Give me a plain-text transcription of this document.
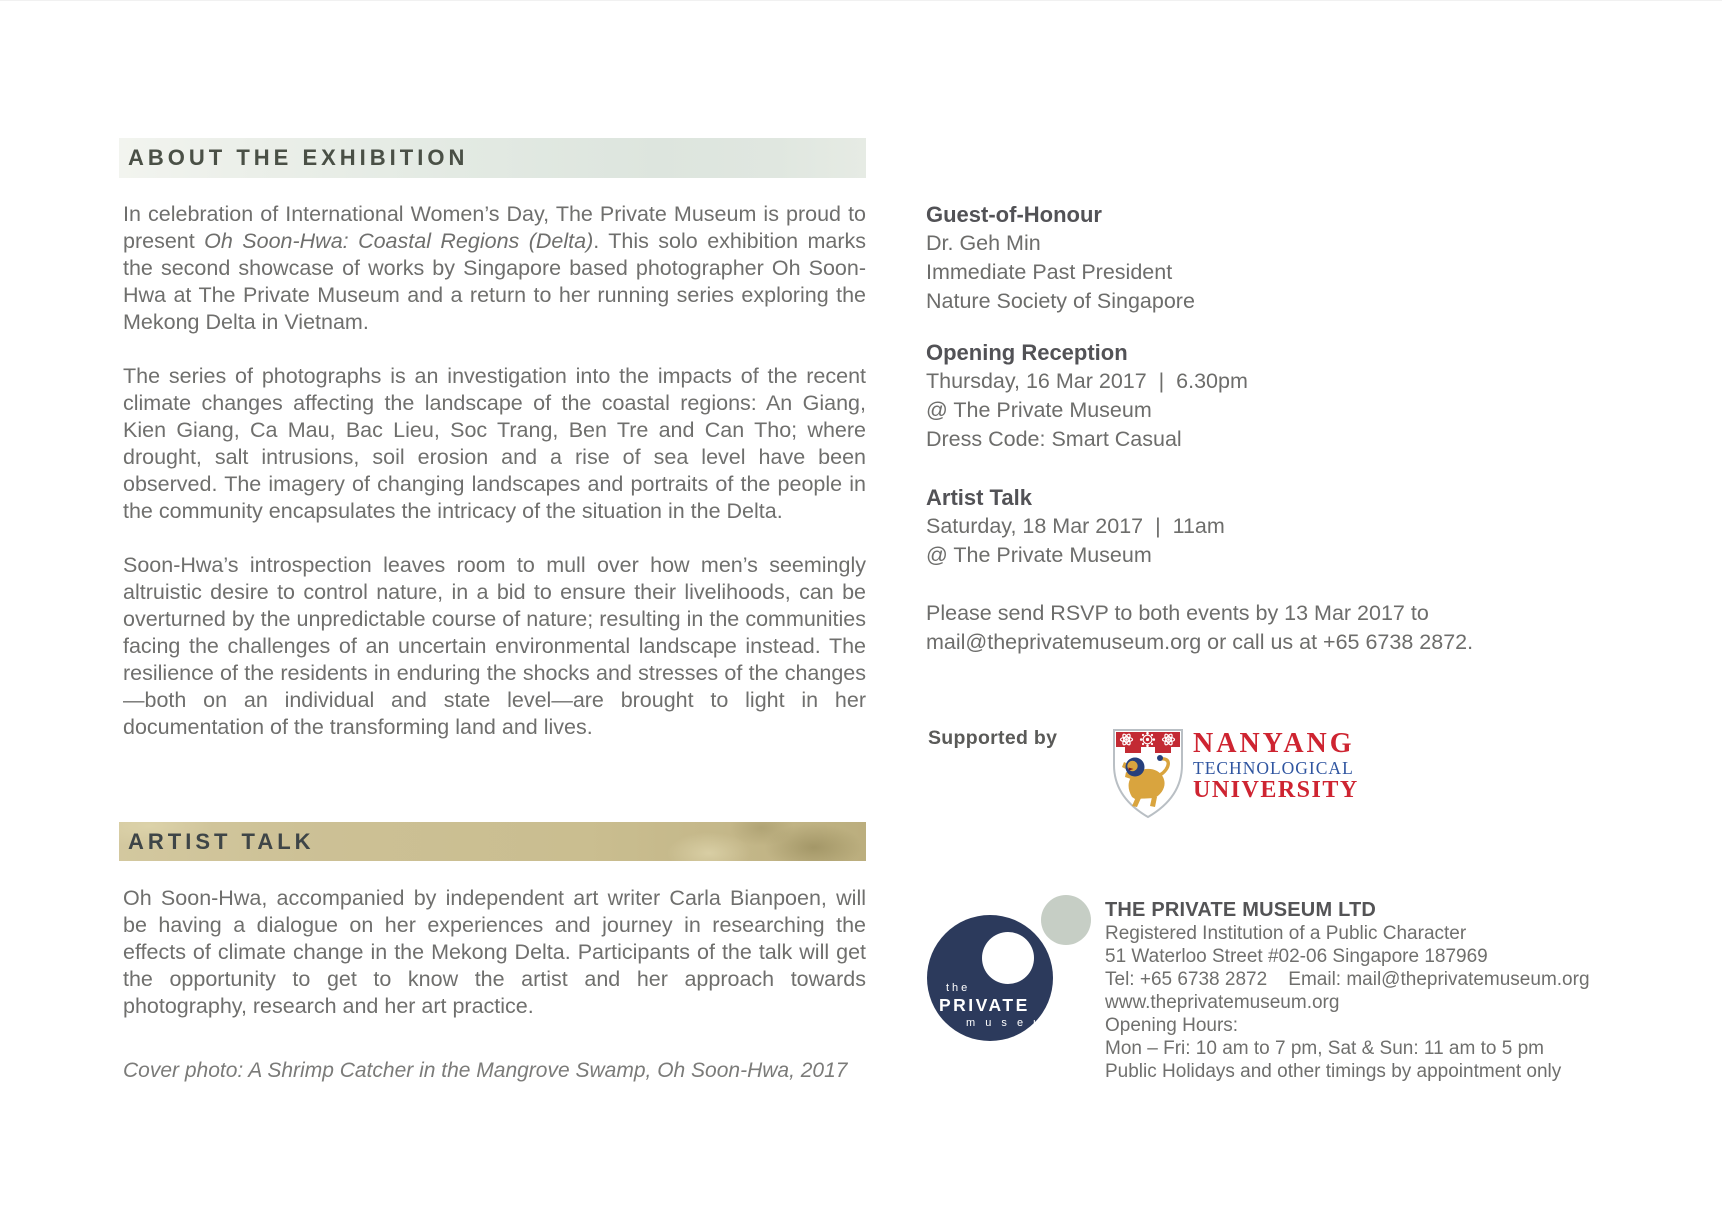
ABOUT THE EXHIBITION

In celebration of International Women’s Day, The Private Museum is proud to present Oh Soon-Hwa: Coastal Regions (Delta). This solo exhibition marks the second showcase of works by Singapore based photographer Oh Soon-Hwa at The Private Museum and a return to her running series exploring the Mekong Delta in Vietnam.

The series of photographs is an investigation into the impacts of the recent climate changes affecting the landscape of the coastal regions: An Giang, Kien Giang, Ca Mau, Bac Lieu, Soc Trang, Ben Tre and Can Tho; where drought, salt intrusions, soil erosion and a rise of sea level have been observed. The imagery of changing landscapes and portraits of the people in the community encapsulates the intricacy of the situation in the Delta.

Soon-Hwa’s introspection leaves room to mull over how men’s seemingly altruistic desire to control nature, in a bid to ensure their livelihoods, can be overturned by the unpredictable course of nature; resulting in the communities facing the challenges of an uncertain environmental landscape instead. The resilience of the residents in enduring the shocks and stresses of the changes—both on an individual and state level—are brought to light in her documentation of the transforming land and lives.

ARTIST TALK

Oh Soon-Hwa, accompanied by independent art writer Carla Bianpoen, will be having a dialogue on her experiences and journey in researching the effects of climate change in the Mekong Delta. Participants of the talk will get the opportunity to get to know the artist and her approach towards photography, research and her art practice.

Cover photo: A Shrimp Catcher in the Mangrove Swamp, Oh Soon-Hwa, 2017
Guest-of-Honour
Dr. Geh Min
Immediate Past President
Nature Society of Singapore
Opening Reception
Thursday, 16 Mar 2017  |  6.30pm
@ The Private Museum
Dress Code: Smart Casual
Artist Talk
Saturday, 18 Mar 2017  |  11am
@ The Private Museum
Please send RSVP to both events by 13 Mar 2017 to mail@theprivatemuseum.org or call us at +65 6738 2872.
Supported by	NANYANG
TECHNOLOGICAL
UNIVERSITY
the
PRIVATE
m u s e u m
THE PRIVATE MUSEUM LTD
Registered Institution of a Public Character
51 Waterloo Street #02-06 Singapore 187969
Tel: +65 6738 2872    Email: mail@theprivatemuseum.org
www.theprivatemuseum.org
Opening Hours:
Mon – Fri: 10 am to 7 pm, Sat & Sun: 11 am to 5 pm
Public Holidays and other timings by appointment only
